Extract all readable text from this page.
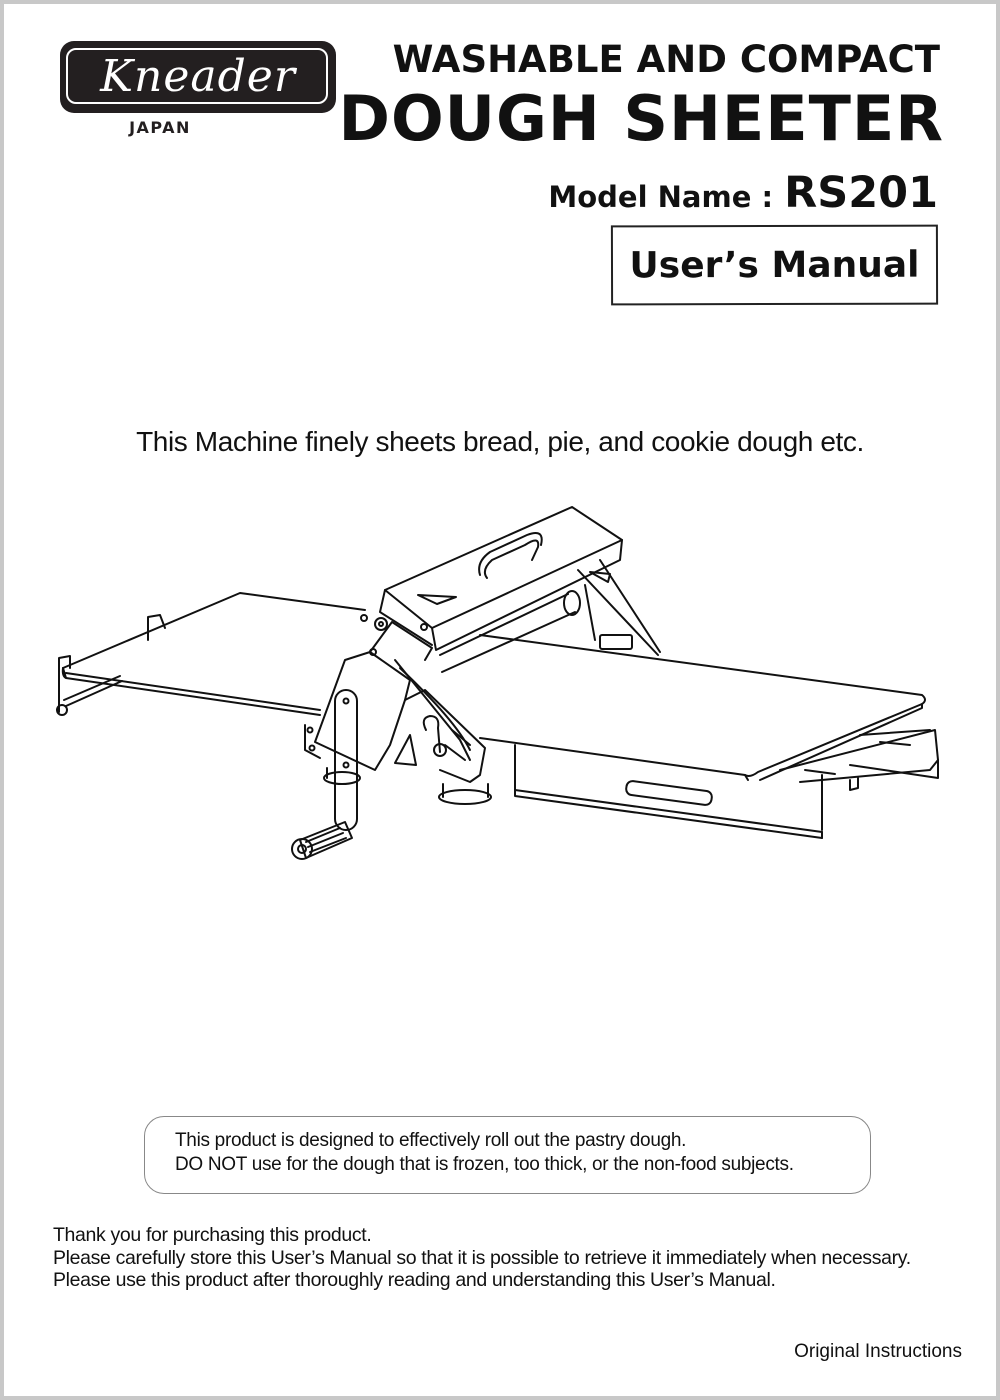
Kneader
JAPAN
WASHABLE AND COMPACT
DOUGH SHEETER
Model Name : RS201
User’s Manual
This Machine finely sheets bread, pie, and cookie dough etc.
This product is designed to effectively roll out the pastry dough.
DO NOT use for the dough that is frozen, too thick, or the non-food subjects.
Thank you for purchasing this product.
Please carefully store this User’s Manual so that it is possible to retrieve it immediately when necessary.
Please use this product after thoroughly reading and understanding this User’s Manual.
Original Instructions
